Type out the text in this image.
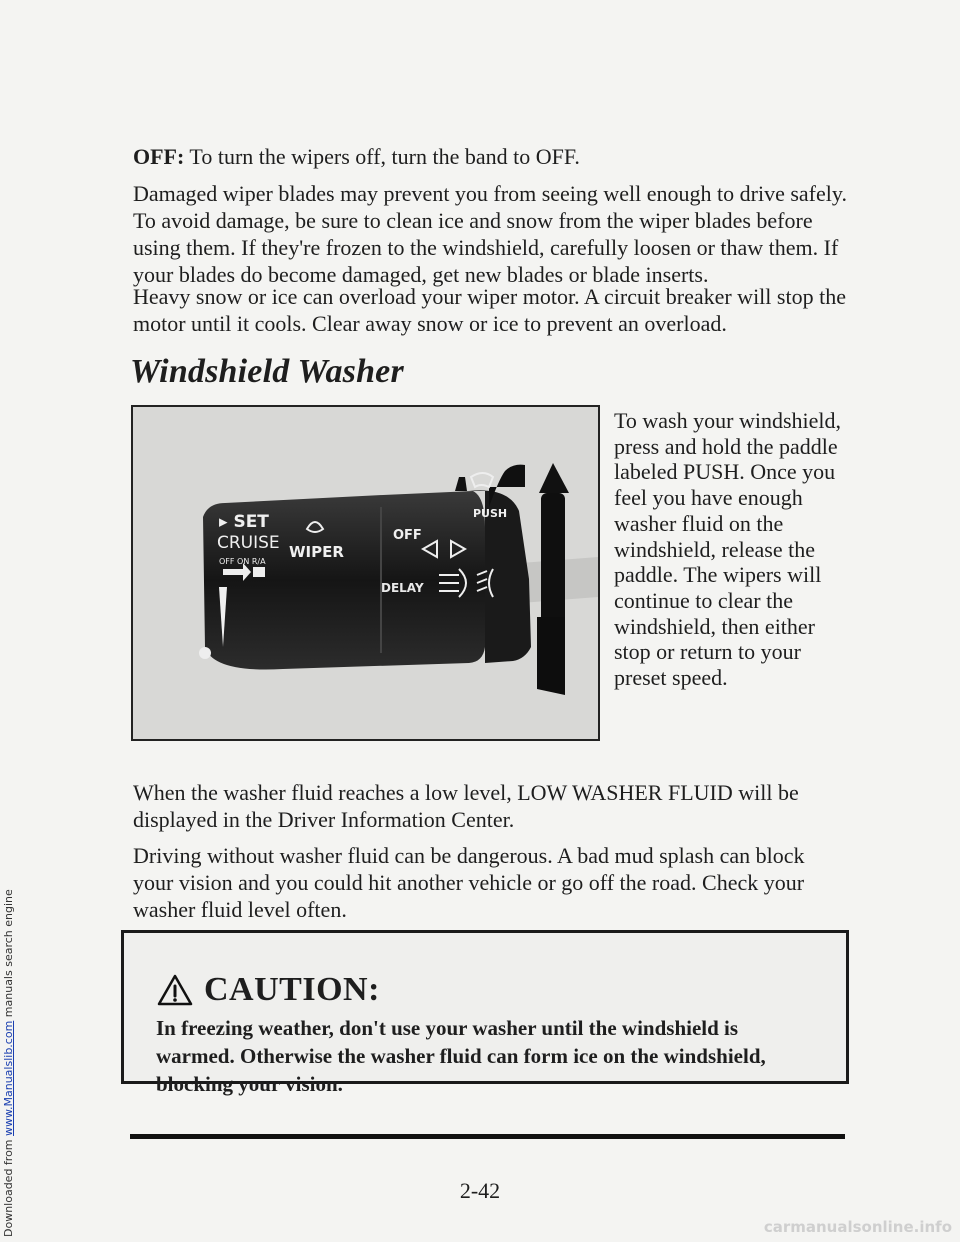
Downloaded from www.Manualslib.com manuals search engine

OFF: To turn the wipers off, turn the band to OFF.

Damaged wiper blades may prevent you from seeing well enough to drive safely. To avoid damage, be sure to clean ice and snow from the wiper blades before using them. If they're frozen to the windshield, carefully loosen or thaw them. If your blades do become damaged, get new blades or blade inserts.

Heavy snow or ice can overload your wiper motor. A circuit breaker will stop the motor until it cools. Clear away snow or ice to prevent an overload.

Windshield Washer
▸ SET
CRUISE
OFF ON R/A
WIPER
OFF
DELAY
PUSH

To wash your windshield, press and hold the paddle labeled PUSH. Once you feel you have enough washer fluid on the windshield, release the paddle. The wipers will continue to clear the windshield, then either stop or return to your preset speed.

When the washer fluid reaches a low level, LOW WASHER FLUID will be displayed in the Driver Information Center.

Driving without washer fluid can be dangerous. A bad mud splash can block your vision and you could hit another vehicle or go off the road. Check your washer fluid level often.

CAUTION:

In freezing weather, don't use your washer until the windshield is warmed. Otherwise the washer fluid can form ice on the windshield, blocking your vision.

2-42
carmanualsonline.info
